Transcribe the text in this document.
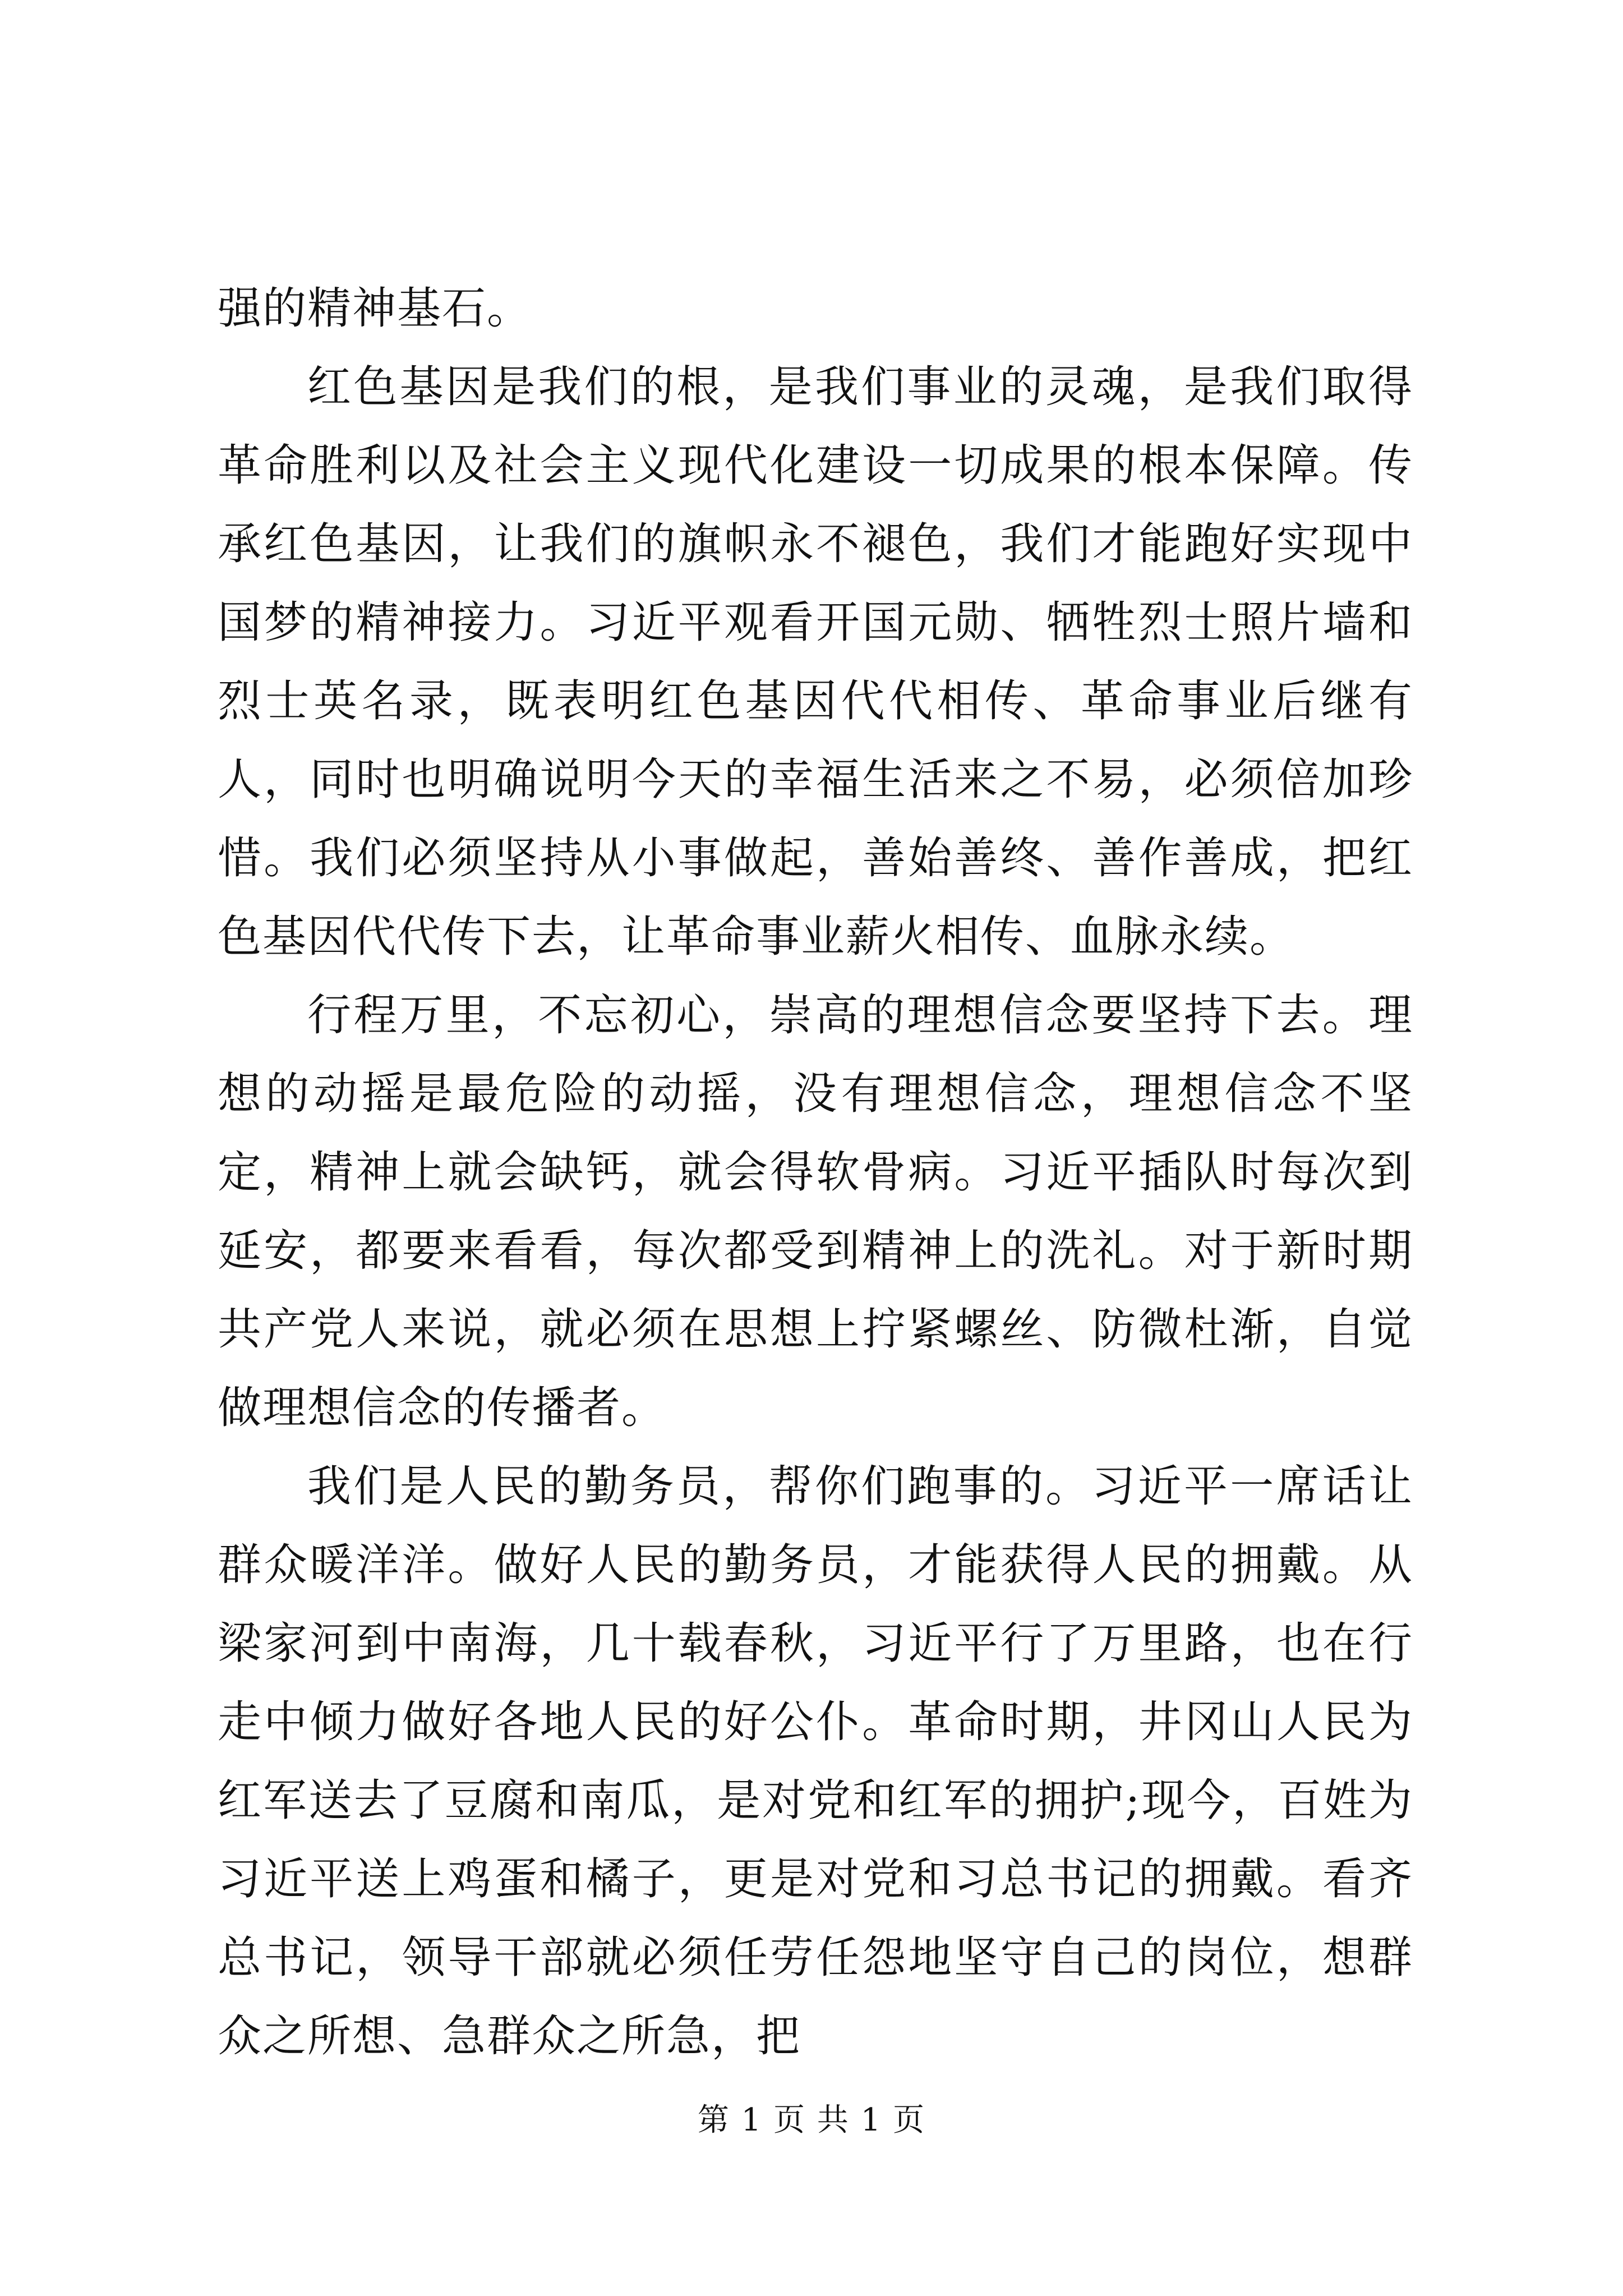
强的精神基石。

红色基因是我们的根，是我们事业的灵魂，是我们取得革命胜利以及社会主义现代化建设一切成果的根本保障。传承红色基因，让我们的旗帜永不褪色，我们才能跑好实现中国梦的精神接力。习近平观看开国元勋、牺牲烈士照片墙和烈士英名录，既表明红色基因代代相传、革命事业后继有人，同时也明确说明今天的幸福生活来之不易，必须倍加珍惜。我们必须坚持从小事做起，善始善终、善作善成，把红色基因代代传下去，让革命事业薪火相传、血脉永续。

行程万里，不忘初心，崇高的理想信念要坚持下去。理想的动摇是最危险的动摇，没有理想信念，理想信念不坚定，精神上就会缺钙，就会得软骨病。习近平插队时每次到延安，都要来看看，每次都受到精神上的洗礼。对于新时期共产党人来说，就必须在思想上拧紧螺丝、防微杜渐，自觉做理想信念的传播者。

我们是人民的勤务员，帮你们跑事的。习近平一席话让群众暖洋洋。做好人民的勤务员，才能获得人民的拥戴。从梁家河到中南海，几十载春秋，习近平行了万里路，也在行走中倾力做好各地人民的好公仆。革命时期，井冈山人民为红军送去了豆腐和南瓜，是对党和红军的拥护;现今，百姓为习近平送上鸡蛋和橘子，更是对党和习总书记的拥戴。看齐总书记，领导干部就必须任劳任怨地坚守自己的岗位，想群众之所想、急群众之所急，把

第 1 页 共 1 页
